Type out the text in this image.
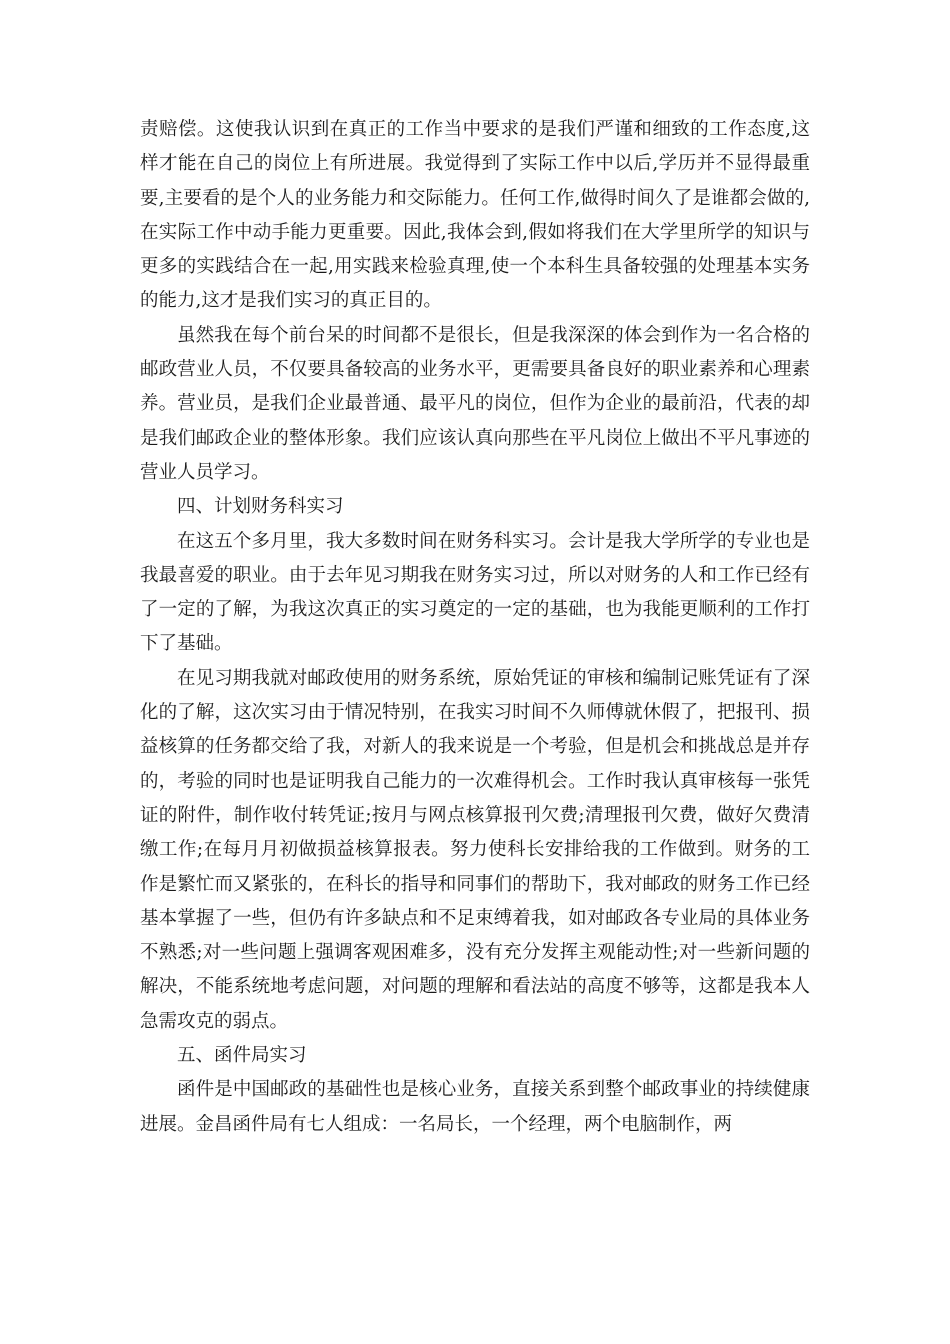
责赔偿。这使我认识到在真正的工作当中要求的是我们严谨和细致的工作态度,这样才能在自己的岗位上有所进展。我觉得到了实际工作中以后,学历并不显得最重要,主要看的是个人的业务能力和交际能力。任何工作,做得时间久了是谁都会做的,在实际工作中动手能力更重要。因此,我体会到,假如将我们在大学里所学的知识与更多的实践结合在一起,用实践来检验真理,使一个本科生具备较强的处理基本实务的能力,这才是我们实习的真正目的。

虽然我在每个前台呆的时间都不是很长，但是我深深的体会到作为一名合格的邮政营业人员，不仅要具备较高的业务水平，更需要具备良好的职业素养和心理素养。营业员，是我们企业最普通、最平凡的岗位，但作为企业的最前沿，代表的却是我们邮政企业的整体形象。我们应该认真向那些在平凡岗位上做出不平凡事迹的营业人员学习。

四、计划财务科实习

在这五个多月里，我大多数时间在财务科实习。会计是我大学所学的专业也是我最喜爱的职业。由于去年见习期我在财务实习过，所以对财务的人和工作已经有了一定的了解，为我这次真正的实习奠定的一定的基础，也为我能更顺利的工作打下了基础。

在见习期我就对邮政使用的财务系统，原始凭证的审核和编制记账凭证有了深化的了解，这次实习由于情况特别，在我实习时间不久师傅就休假了，把报刊、损益核算的任务都交给了我，对新人的我来说是一个考验，但是机会和挑战总是并存的，考验的同时也是证明我自己能力的一次难得机会。工作时我认真审核每一张凭证的附件，制作收付转凭证;按月与网点核算报刊欠费;清理报刊欠费，做好欠费清缴工作;在每月月初做损益核算报表。努力使科长安排给我的工作做到。财务的工作是繁忙而又紧张的，在科长的指导和同事们的帮助下，我对邮政的财务工作已经基本掌握了一些，但仍有许多缺点和不足束缚着我，如对邮政各专业局的具体业务不熟悉;对一些问题上强调客观困难多，没有充分发挥主观能动性;对一些新问题的解决，不能系统地考虑问题，对问题的理解和看法站的高度不够等，这都是我本人急需攻克的弱点。

五、函件局实习

函件是中国邮政的基础性也是核心业务，直接关系到整个邮政事业的持续健康进展。金昌函件局有七人组成：一名局长，一个经理，两个电脑制作，两
